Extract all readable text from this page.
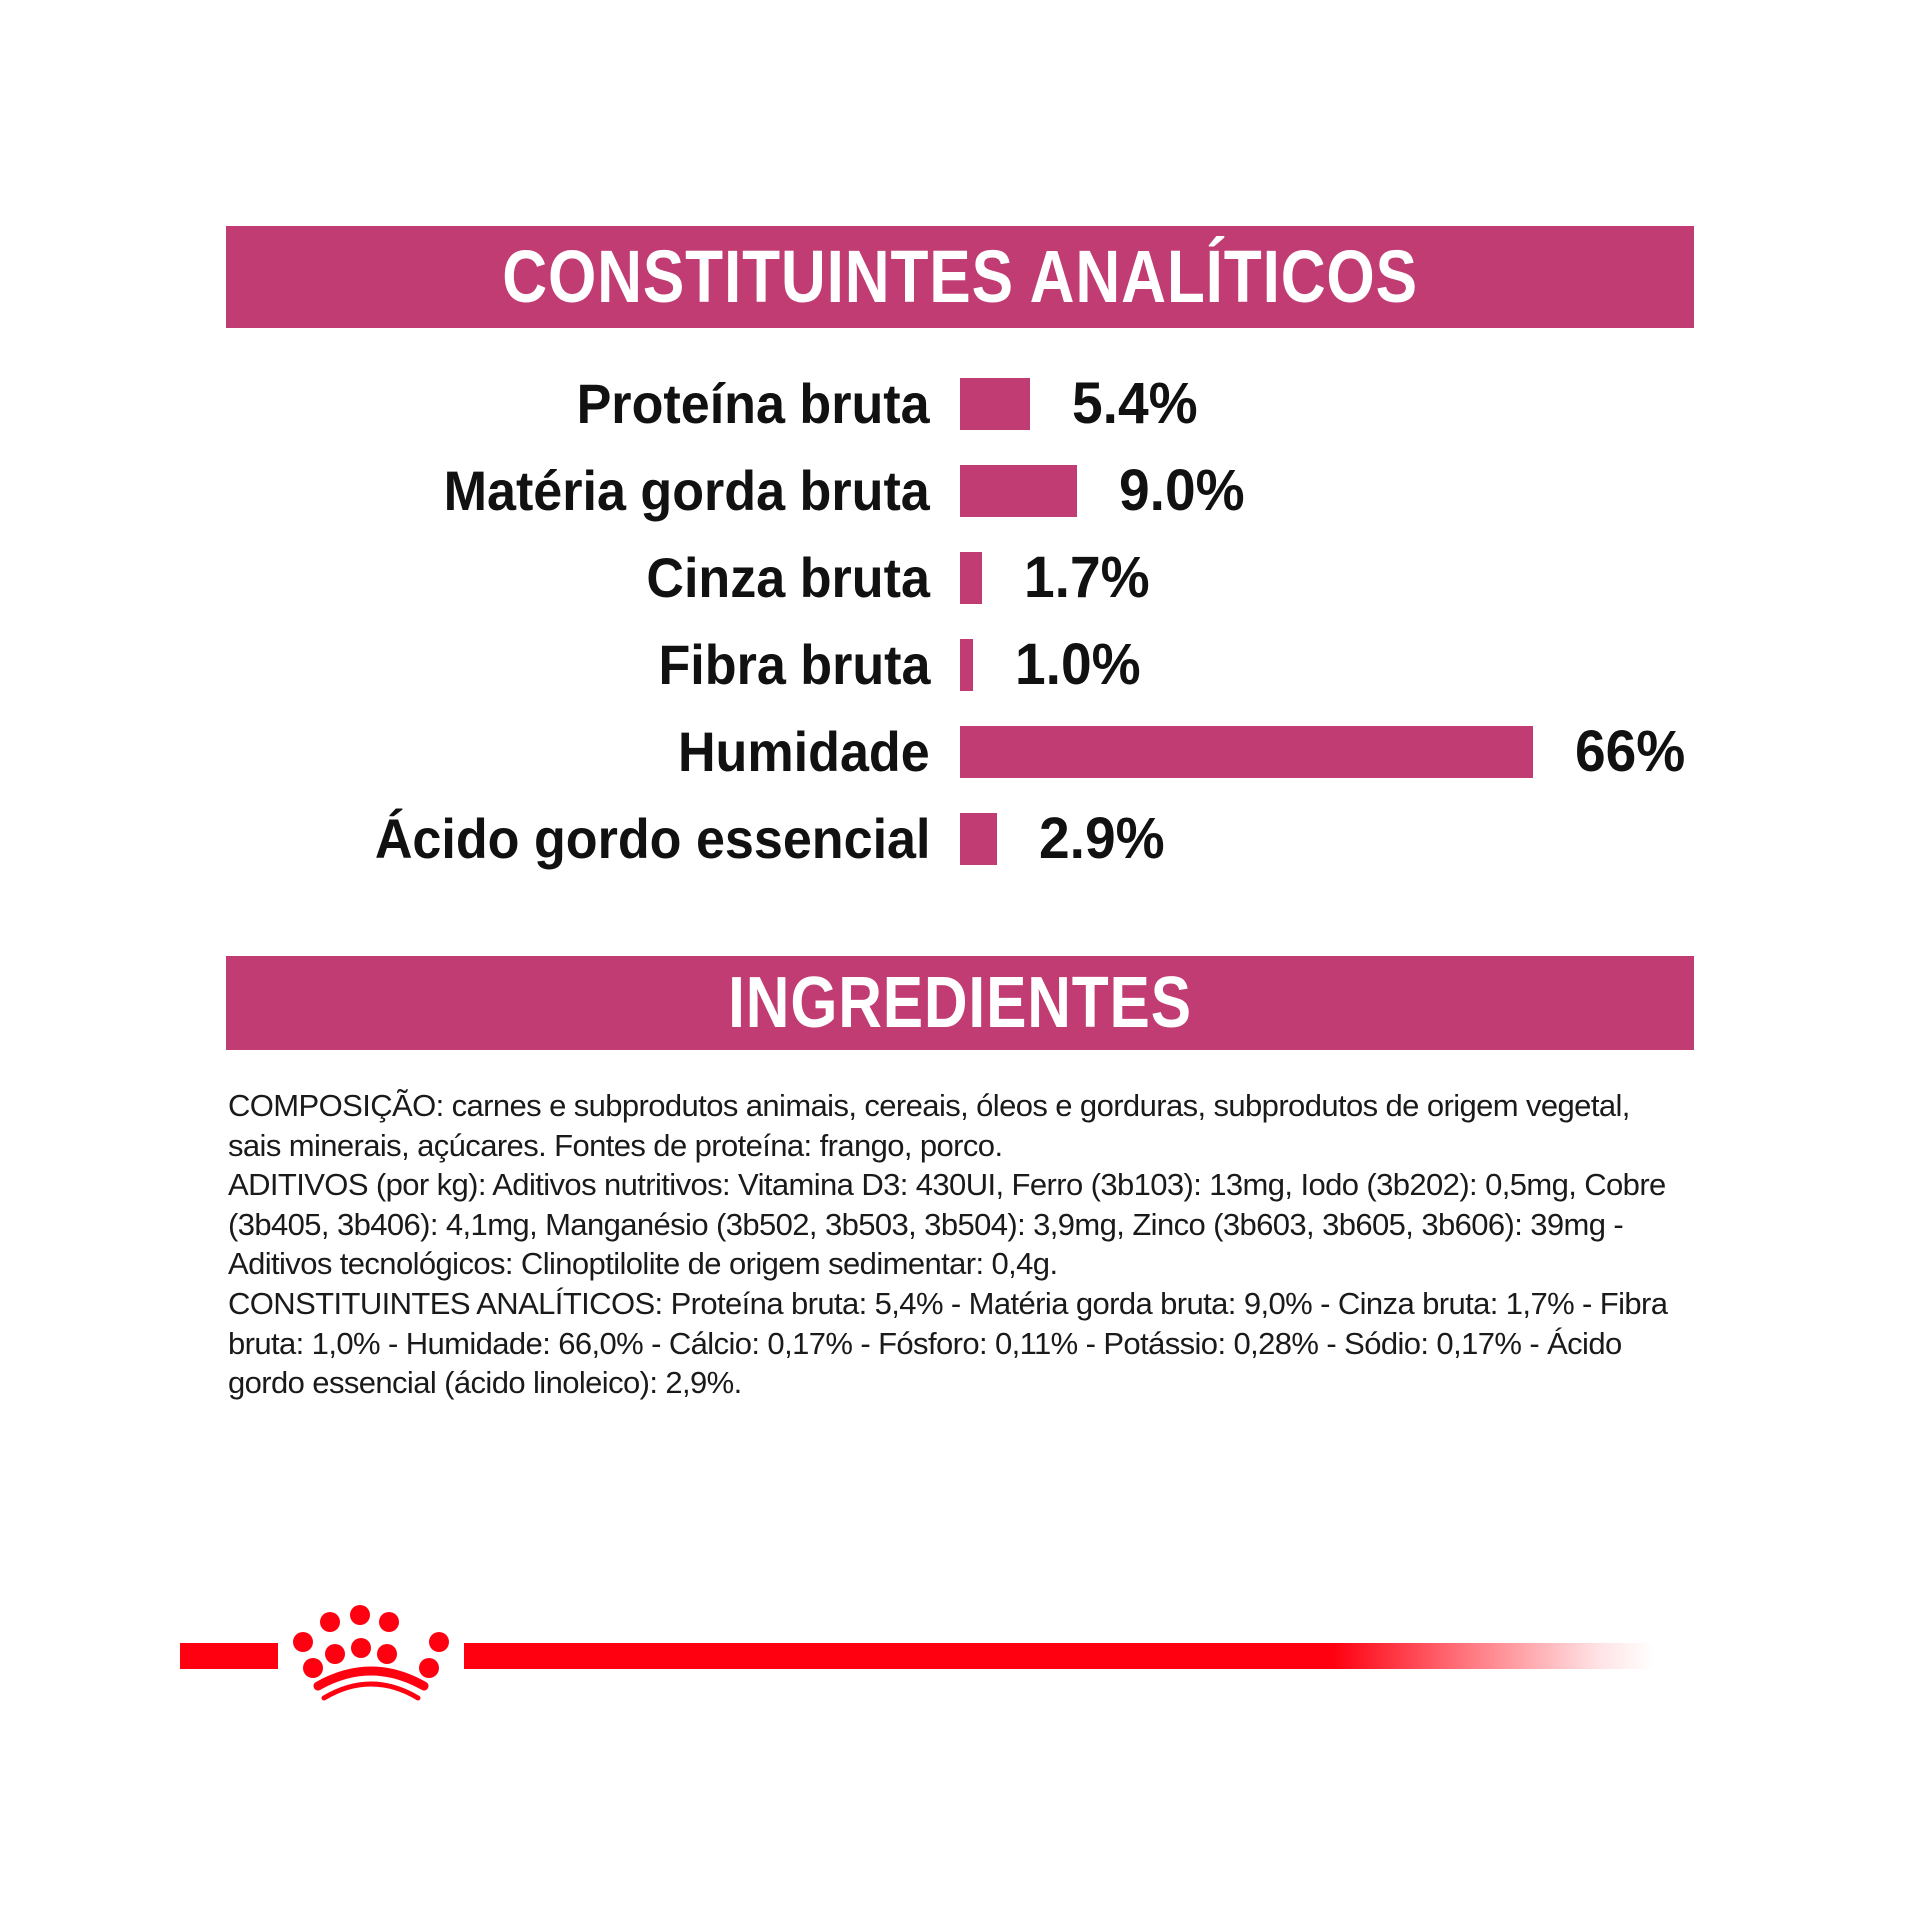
CONSTITUINTES ANALÍTICOS
Proteína bruta 5.4%
Matéria gorda bruta	9.0%
Cinza bruta 1.7%
Fibra bruta 1.0%
Humidade	66%
Ácido gordo essencial 2.9%
INGREDIENTES

COMPOSIÇÃO: carnes e subprodutos animais, cereais, óleos e gorduras, subprodutos de origem vegetal,

sais minerais, açúcares. Fontes de proteína: frango, porco.

ADITIVOS (por kg): Aditivos nutritivos: Vitamina D3: 430UI, Ferro (3b103): 13mg, Iodo (3b202): 0,5mg, Cobre

(3b405, 3b406): 4,1mg, Manganésio (3b502, 3b503, 3b504): 3,9mg, Zinco (3b603, 3b605, 3b606): 39mg -

Aditivos tecnológicos: Clinoptilolite de origem sedimentar: 0,4g.

CONSTITUINTES ANALÍTICOS: Proteína bruta: 5,4% - Matéria gorda bruta: 9,0% - Cinza bruta: 1,7% - Fibra

bruta: 1,0% - Humidade: 66,0% - Cálcio: 0,17% - Fósforo: 0,11% - Potássio: 0,28% - Sódio: 0,17% - Ácido

gordo essencial (ácido linoleico): 2,9%.
